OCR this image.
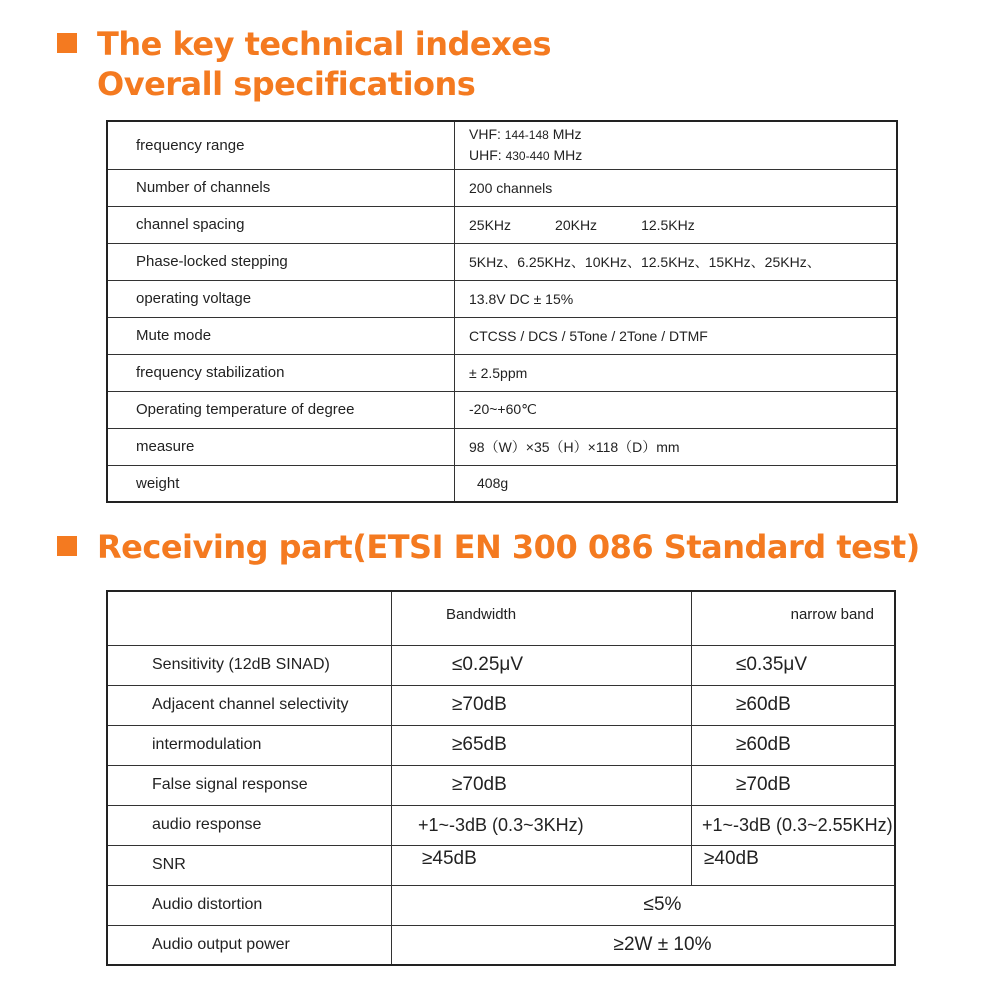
The key technical indexes
Overall specifications
frequency range	VHF: 144-148 MHz
UHF: 430-440 MHz

Number of channels	200 channels
channel spacing	25KHz 20KHz 12.5KHz
Phase-locked stepping	5KHz、6.25KHz、10KHz、12.5KHz、15KHz、25KHz、
operating voltage	13.8V DC ± 15%
Mute mode	CTCSS / DCS / 5Tone / 2Tone / DTMF
frequency stabilization	± 2.5ppm
Operating temperature of degree	-20~+60℃
measure	98（W）×35（H）×118（D）mm
weight	408g
Receiving part(ETSI EN 300 086 Standard test)
	Bandwidth	narrow band
Sensitivity (12dB SINAD)	≤0.25μV	≤0.35μV
Adjacent channel selectivity	≥70dB	≥60dB
intermodulation	≥65dB	≥60dB
False signal response	≥70dB	≥70dB
audio response	+1~-3dB (0.3~3KHz)	+1~-3dB (0.3~2.55KHz)
SNR	≥45dB	≥40dB
Audio distortion	≤5%	
Audio output power	≥2W ± 10%	
